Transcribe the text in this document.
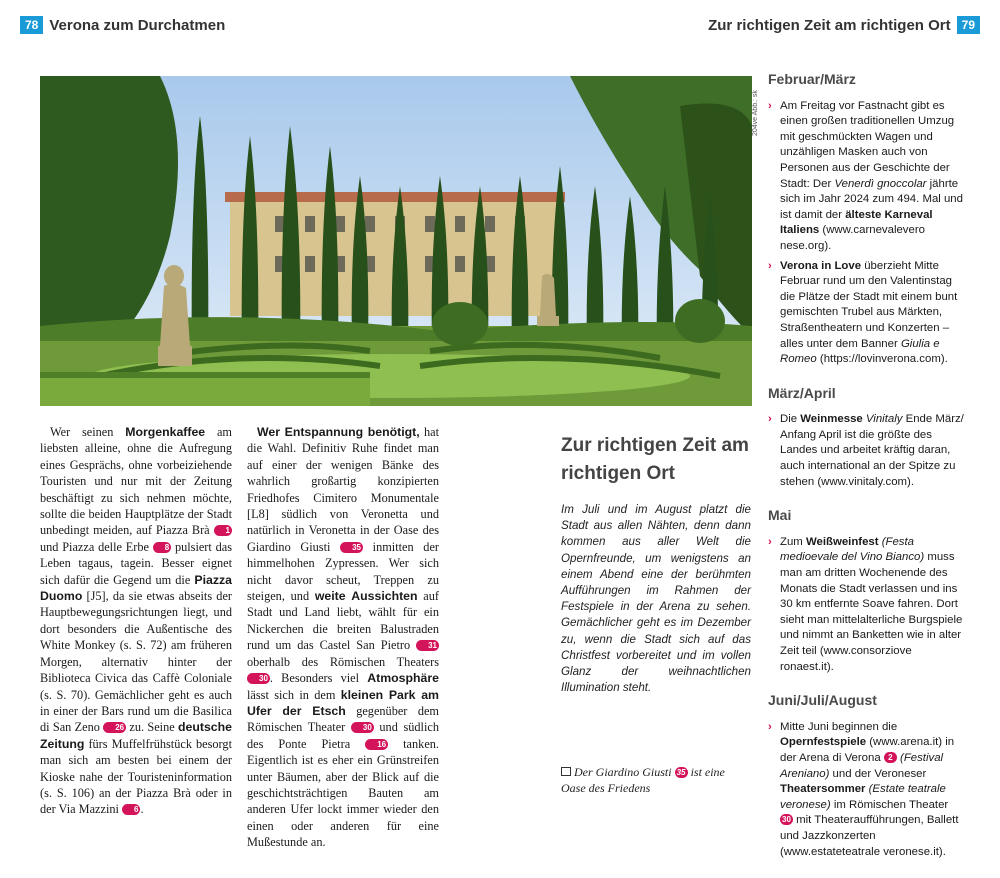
78 Verona zum Durchatmen	Zur richtigen Zeit am richtigen Ort 79
204ve Abb.: sk

Wer seinen Morgenkaffee am liebsten alleine, ohne die Aufregung eines Gesprächs, ohne vorbeiziehende Touristen und nur mit der Zeitung beschäftigt zu sich nehmen möchte, sollte die beiden Hauptplätze der Stadt unbedingt meiden, auf Piazza Brà 1 und Piazza delle Erbe 8 pulsiert das Leben tagaus, tagein. Besser eignet sich dafür die Gegend um die Piazza Duomo [J5], da sie etwas abseits der Hauptbewegungsrichtungen liegt, und dort besonders die Außentische des White Monkey (s. S. 72) am früheren Morgen, alternativ hinter der Biblioteca Civica das Caffè Coloniale (s. S. 70). Gemächlicher geht es auch in einer der Bars rund um die Basilica di San Zeno 26 zu. Seine deutsche Zeitung fürs Muffelfrühstück besorgt man sich am besten bei einem der Kioske nahe der Touristeninformation (s. S. 106) an der Piazza Brà oder in der Via Mazzini 6 .

Wer Entspannung benötigt, hat die Wahl. Definitiv Ruhe findet man auf einer der wenigen Bänke des wahrlich großartig konzipierten Friedhofes Cimitero Monumentale [L8] südlich von Veronetta und natürlich in Veronetta in der Oase des Giardino Giusti 35 inmitten der himmelhohen Zypressen. Wer sich nicht davor scheut, Treppen zu steigen, und weite Aussichten auf Stadt und Land liebt, wählt für ein Nickerchen die breiten Balustraden rund um das Castel San Pietro 31 oberhalb des Römischen Theaters 30 . Besonders viel Atmosphäre lässt sich in dem kleinen Park am Ufer der Etsch gegenüber dem Römischen Theater 30 und südlich des Ponte Pietra 16 tanken. Eigentlich ist es eher ein Grünstreifen unter Bäumen, aber der Blick auf die geschichtsträchtigen Bauten am anderen Ufer lockt immer wieder den einen oder anderen für eine Mußestunde an.

Zur richtigen Zeit am richtigen Ort
Im Juli und im August platzt die Stadt aus allen Nähten, denn dann kommen aus aller Welt die Opernfreunde, um wenigstens an einem Abend eine der berühmten Aufführungen im Rahmen der Festspiele in der Arena zu sehen. Gemächlicher geht es im Dezember zu, wenn die Stadt sich auf das Christfest vorbereitet und im vollen Glanz der weihnachtlichen Illumination steht.
Der Giardino Giusti 35 ist eine Oase des Friedens
Februar/März
› Am Freitag vor Fastnacht gibt es einen großen traditionellen Umzug mit geschmückten Wagen und unzähligen Masken auch von Personen aus der Geschichte der Stadt: Der Venerdì gnoccolar jährte sich im Jahr 2024 zum 494. Mal und ist damit der älteste Karneval Italiens (www.carnevalevero nese.org).
› Verona in Love überzieht Mitte Februar rund um den Valentinstag die Plätze der Stadt mit einem bunt gemischten Trubel aus Märkten, Straßentheatern und Konzerten – alles unter dem Banner Giulia e Romeo (https://lovinverona.com).
März/April
› Die Weinmesse Vinitaly Ende März/ Anfang April ist die größte des Landes und arbeitet kräftig daran, auch international an der Spitze zu stehen (www.vinitaly.com).
Mai
› Zum Weißweinfest (Festa medioevale del Vino Bianco) muss man am dritten Wochenende des Monats die Stadt verlassen und ins 30 km entfernte Soave fahren. Dort sieht man mittelalterliche Burgspiele und nimmt an Banketten wie in alter Zeit teil (www.consorziove ronaest.it).
Juni/Juli/August
› Mitte Juni beginnen die Opernfestspiele (www.arena.it) in der Arena di Verona 2 (Festival Areniano) und der Veroneser Theatersommer (Estate teatrale veronese) im Römischen Theater 30 mit Theateraufführungen, Ballett und Jazzkonzerten (www.estateteatrale veronese.it).
